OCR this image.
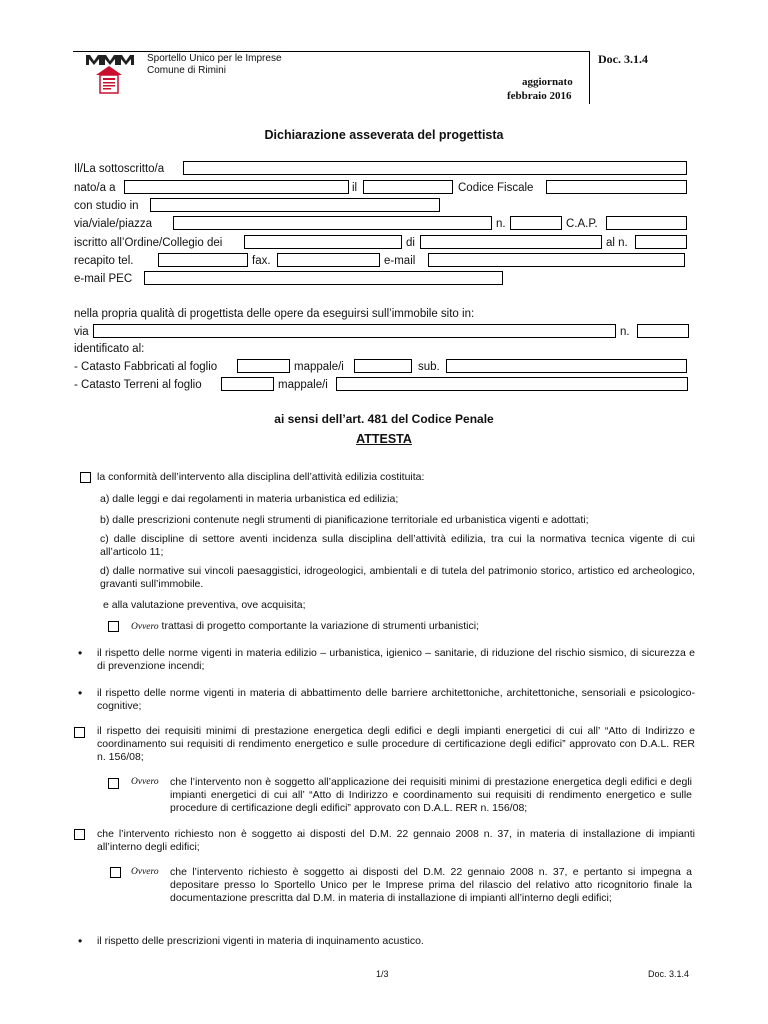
Sportello Unico per le Imprese
Comune di Rimini
aggiornato
febbraio 2016
Doc. 3.1.4
Dichiarazione asseverata del progettista
Il/La sottoscritto/a
nato/a a	il	Codice Fiscale
con studio in
via/viale/piazza	n.	C.A.P.
iscritto all’Ordine/Collegio dei	di	al n.
recapito tel.	fax.	e-mail
e-mail PEC
nella propria qualità di progettista delle opere da eseguirsi sull’immobile sito in:
via	n.
identificato al:
- Catasto Fabbricati al foglio	mappale/i	sub.
- Catasto Terreni al foglio	mappale/i
ai sensi dell’art. 481 del Codice Penale
ATTESTA
la conformità dell’intervento alla disciplina dell’attività edilizia costituita:
a) dalle leggi e dai regolamenti in materia urbanistica ed edilizia;
b) dalle prescrizioni contenute negli strumenti di pianificazione territoriale ed urbanistica vigenti e adottati;
c) dalle discipline di settore aventi incidenza sulla disciplina dell’attività edilizia, tra cui la normativa tecnica vigente di cui all’articolo 11;
d) dalle normative sui vincoli paesaggistici, idrogeologici, ambientali e di tutela del patrimonio storico, artistico ed archeologico, gravanti sull’immobile.
e alla valutazione preventiva, ove acquisita;
Ovvero trattasi di progetto comportante la variazione di strumenti urbanistici;
• il rispetto delle norme vigenti in materia edilizio – urbanistica, igienico – sanitarie, di riduzione del rischio sismico, di sicurezza e di prevenzione incendi;
• il rispetto delle norme vigenti in materia di abbattimento delle barriere architettoniche, architettoniche, sensoriali e psicologico-cognitive;
il rispetto dei requisiti minimi di prestazione energetica degli edifici e degli impianti energetici di cui all’ “Atto di Indirizzo e coordinamento sui requisiti di rendimento energetico e sulle procedure di certificazione degli edifici” approvato con D.A.L. RER n. 156/08;
Ovvero che l’intervento non è soggetto all’applicazione dei requisiti minimi di prestazione energetica degli edifici e degli impianti energetici di cui all’ “Atto di Indirizzo e coordinamento sui requisiti di rendimento energetico e sulle procedure di certificazione degli edifici” approvato con D.A.L. RER n. 156/08;
che l’intervento richiesto non è soggetto ai disposti del D.M. 22 gennaio 2008 n. 37, in materia di installazione di impianti all’interno degli edifici;
Ovvero che l’intervento richiesto è soggetto ai disposti del D.M. 22 gennaio 2008 n. 37, e pertanto si impegna a depositare presso lo Sportello Unico per le Imprese prima del rilascio del relativo atto ricognitorio finale la documentazione prescritta dal D.M. in materia di installazione di impianti all’interno degli edifici;
• il rispetto delle prescrizioni vigenti in materia di inquinamento acustico.
1/3	Doc. 3.1.4
